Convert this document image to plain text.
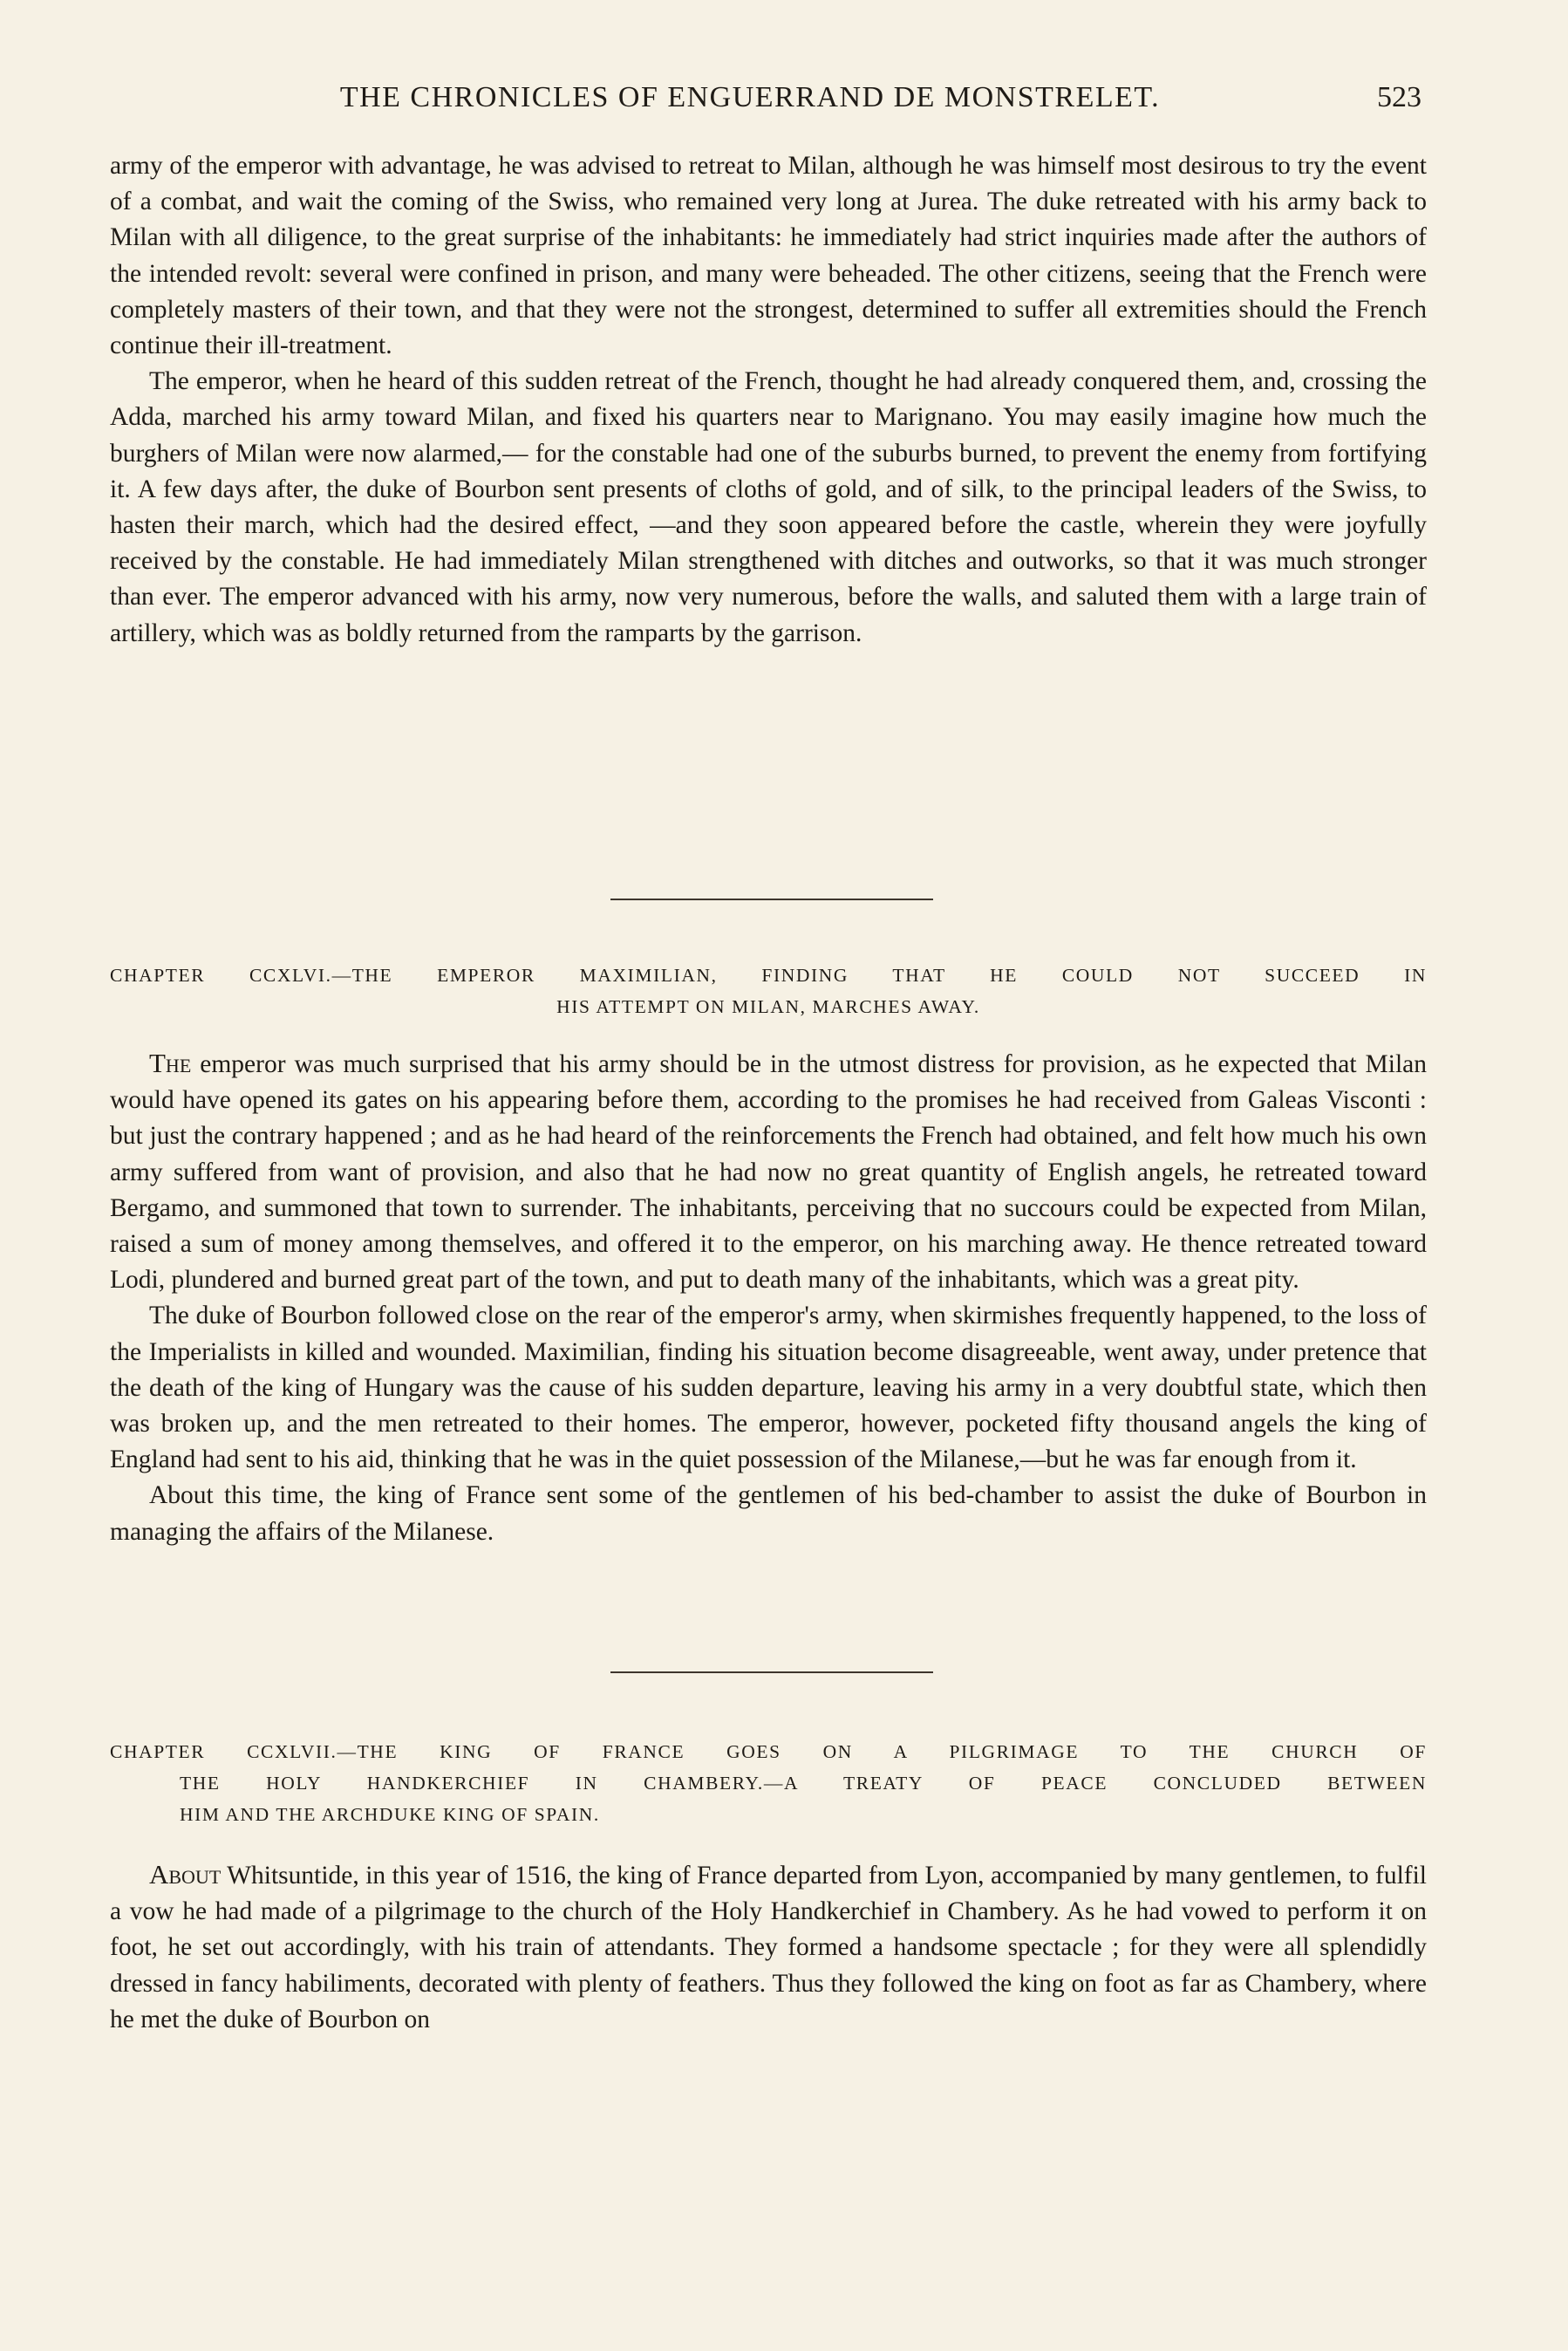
THE CHRONICLES OF ENGUERRAND DE MONSTRELET.	523

army of the emperor with advantage, he was advised to retreat to Milan, although he was himself most desirous to try the event of a combat, and wait the coming of the Swiss, who remained very long at Jurea. The duke retreated with his army back to Milan with all diligence, to the great surprise of the inhabitants: he immediately had strict inquiries made after the authors of the intended revolt: several were confined in prison, and many were beheaded. The other citizens, seeing that the French were completely masters of their town, and that they were not the strongest, determined to suffer all extremities should the French continue their ill-treatment.

The emperor, when he heard of this sudden retreat of the French, thought he had already conquered them, and, crossing the Adda, marched his army toward Milan, and fixed his quarters near to Marignano. You may easily imagine how much the burghers of Milan were now alarmed,— for the constable had one of the suburbs burned, to prevent the enemy from fortifying it. A few days after, the duke of Bourbon sent presents of cloths of gold, and of silk, to the principal leaders of the Swiss, to hasten their march, which had the desired effect, —and they soon appeared before the castle, wherein they were joyfully received by the constable. He had immediately Milan strengthened with ditches and outworks, so that it was much stronger than ever. The emperor advanced with his army, now very numerous, before the walls, and saluted them with a large train of artillery, which was as boldly returned from the ramparts by the garrison.

CHAPTER CCXLVI.—THE EMPEROR MAXIMILIAN, FINDING THAT HE COULD NOT SUCCEED IN
HIS ATTEMPT ON MILAN, MARCHES AWAY.

The emperor was much surprised that his army should be in the utmost distress for provision, as he expected that Milan would have opened its gates on his appearing before them, according to the promises he had received from Galeas Visconti : but just the contrary happened ; and as he had heard of the reinforcements the French had obtained, and felt how much his own army suffered from want of provision, and also that he had now no great quantity of English angels, he retreated toward Bergamo, and summoned that town to surrender. The inhabitants, perceiving that no succours could be expected from Milan, raised a sum of money among themselves, and offered it to the emperor, on his marching away. He thence retreated toward Lodi, plundered and burned great part of the town, and put to death many of the inhabitants, which was a great pity.

The duke of Bourbon followed close on the rear of the emperor's army, when skirmishes frequently happened, to the loss of the Imperialists in killed and wounded. Maximilian, finding his situation become disagreeable, went away, under pretence that the death of the king of Hungary was the cause of his sudden departure, leaving his army in a very doubtful state, which then was broken up, and the men retreated to their homes. The emperor, however, pocketed fifty thousand angels the king of England had sent to his aid, thinking that he was in the quiet possession of the Milanese,—but he was far enough from it.

About this time, the king of France sent some of the gentlemen of his bed-chamber to assist the duke of Bourbon in managing the affairs of the Milanese.

CHAPTER CCXLVII.—THE KING OF FRANCE GOES ON A PILGRIMAGE TO THE CHURCH OF
THE HOLY HANDKERCHIEF IN CHAMBERY.—A TREATY OF PEACE CONCLUDED BETWEEN
HIM AND THE ARCHDUKE KING OF SPAIN.

About Whitsuntide, in this year of 1516, the king of France departed from Lyon, accompanied by many gentlemen, to fulfil a vow he had made of a pilgrimage to the church of the Holy Handkerchief in Chambery. As he had vowed to perform it on foot, he set out accordingly, with his train of attendants. They formed a handsome spectacle ; for they were all splendidly dressed in fancy habiliments, decorated with plenty of feathers. Thus they followed the king on foot as far as Chambery, where he met the duke of Bourbon on
